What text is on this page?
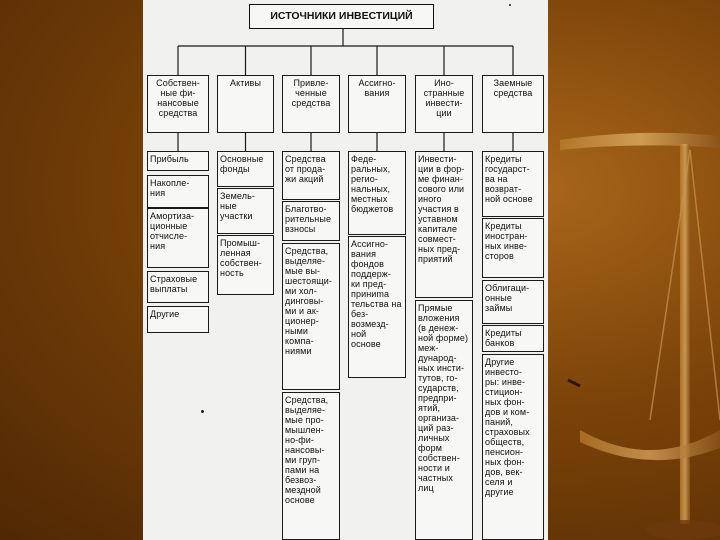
ИСТОЧНИКИ ИНВЕСТИЦИЙ
Собствен-
ные фи-
нансовые
средства
Активы	Привле-
ченные
средства
Ассигно-
вания
Ино-
странные
инвести-
ции
Заемные
средства
Прибыль
Накопле-
ния
Амортиза-
ционные
отчисле-
ния
Страховые
выплаты
Другие
Основные
фонды
Земель-
ные
участки
Промыш-
ленная
собствен-
ность
Средства
от прода-
жи акций
Благотво-
рительные
взносы
Средства,
выделяе-
мые вы-
шестоящи-
ми хол-
динговы-
ми и ак-
ционер-
ными
компа-
ниями
Средства,
выделяе-
мые про-
мышлен-
но-фи-
нансовы-
ми груп-
пами на
безвоз-
мездной
основе
Феде-
ральных,
регио-
нальных,
местных
бюджетов
Ассигно-
вания
фондов
поддерж-
ки пред-
приниma
тельства на
без-
возмезд-
ной
основе
Инвести-
ции в фор-
ме финан-
сового или
иного
участия в
уставном
капитале
совмест-
ных пред-
приятий
Прямые
вложения
(в денеж-
ной форме)
меж-
дународ-
ных инсти-
тутов, го-
сударств,
предпри-
ятий,
организа-
ций раз-
личных
форм
собствен-
ности и
частных
лиц
Кредиты
государст-
ва на
возврат-
ной основе
Кредиты
иностран-
ных инве-
сторов
Облигаци-
онные
займы
Кредиты
банков
Другие
инвесто-
ры: инве-
стицион-
ных фон-
дов и ком-
паний,
страховых
обществ,
пенсион-
ных фон-
дов, век-
селя и
другие
